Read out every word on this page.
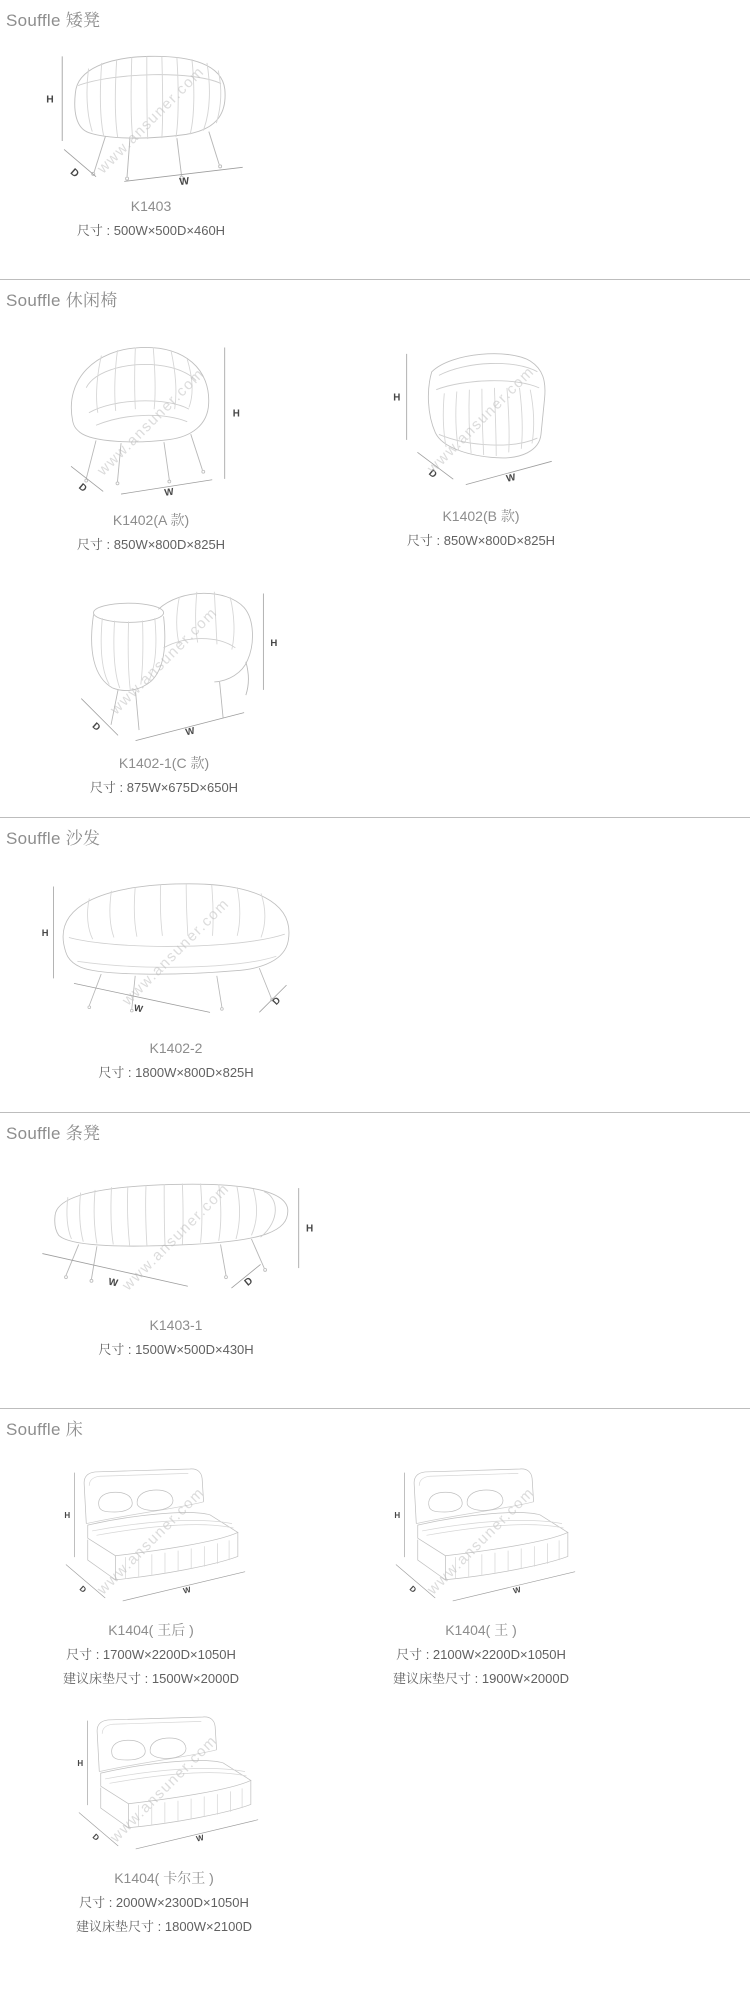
Souffle 矮凳
www.ansuner.com
K1403
尺寸 : 500W×500D×460H
Souffle 休闲椅
www.ansuner.com
K1402(A 款)
尺寸 : 850W×800D×825H
www.ansuner.com
K1402(B 款)
尺寸 : 850W×800D×825H
www.ansuner.com
K1402-1(C 款)
尺寸 : 875W×675D×650H
Souffle 沙发
www.ansuner.com
K1402-2
尺寸 : 1800W×800D×825H
Souffle 条凳
www.ansuner.com
K1403-1
尺寸 : 1500W×500D×430H
Souffle 床
www.ansuner.com
K1404( 王后 )
尺寸 : 1700W×2200D×1050H
建议床垫尺寸 : 1500W×2000D
www.ansuner.com
K1404( 王 )
尺寸 : 2100W×2200D×1050H
建议床垫尺寸 : 1900W×2000D
www.ansuner.com
K1404( 卡尔王 )
尺寸 : 2000W×2300D×1050H
建议床垫尺寸 : 1800W×2100D
